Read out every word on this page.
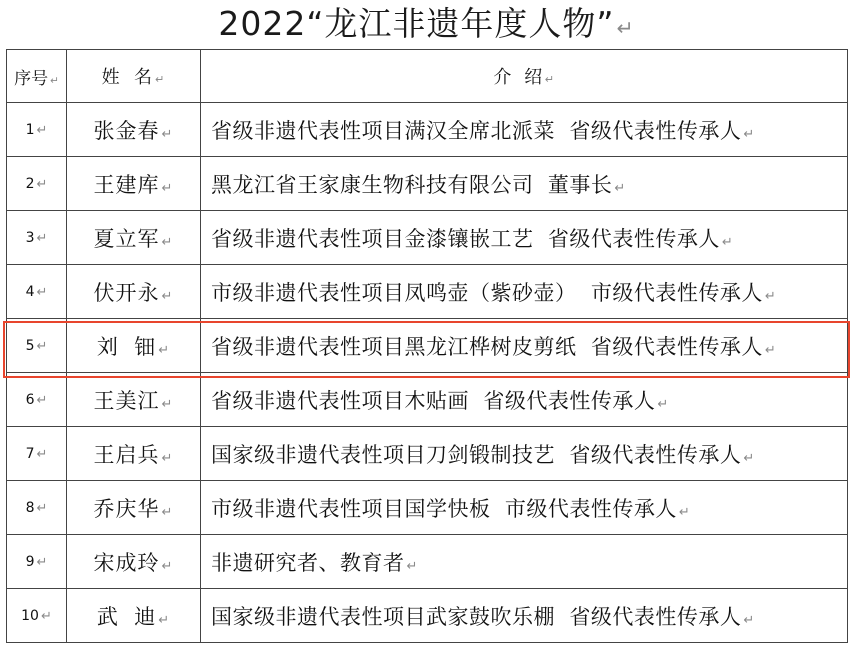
2022“龙江非遗年度人物”↵
序号 ↵	姓  名 ↵	介  绍 ↵
1 ↵	张金春 ↵	省级非遗代表性项目满汉全席北派菜  省级代表性传承人 ↵
2 ↵	王建库 ↵	黑龙江省王家康生物科技有限公司  董事长 ↵
3 ↵	夏立军 ↵	省级非遗代表性项目金漆镶嵌工艺  省级代表性传承人 ↵
4 ↵	伏开永 ↵	市级非遗代表性项目凤鸣壶（紫砂壶）  市级代表性传承人 ↵
5 ↵	刘  钿 ↵	省级非遗代表性项目黑龙江桦树皮剪纸  省级代表性传承人 ↵
6 ↵	王美江 ↵	省级非遗代表性项目木贴画  省级代表性传承人 ↵
7 ↵	王启兵 ↵	国家级非遗代表性项目刀剑锻制技艺  省级代表性传承人 ↵
8 ↵	乔庆华 ↵	市级非遗代表性项目国学快板  市级代表性传承人 ↵
9 ↵	宋成玲 ↵	非遗研究者、教育者 ↵
10 ↵	武  迪 ↵	国家级非遗代表性项目武家鼓吹乐棚  省级代表性传承人 ↵
